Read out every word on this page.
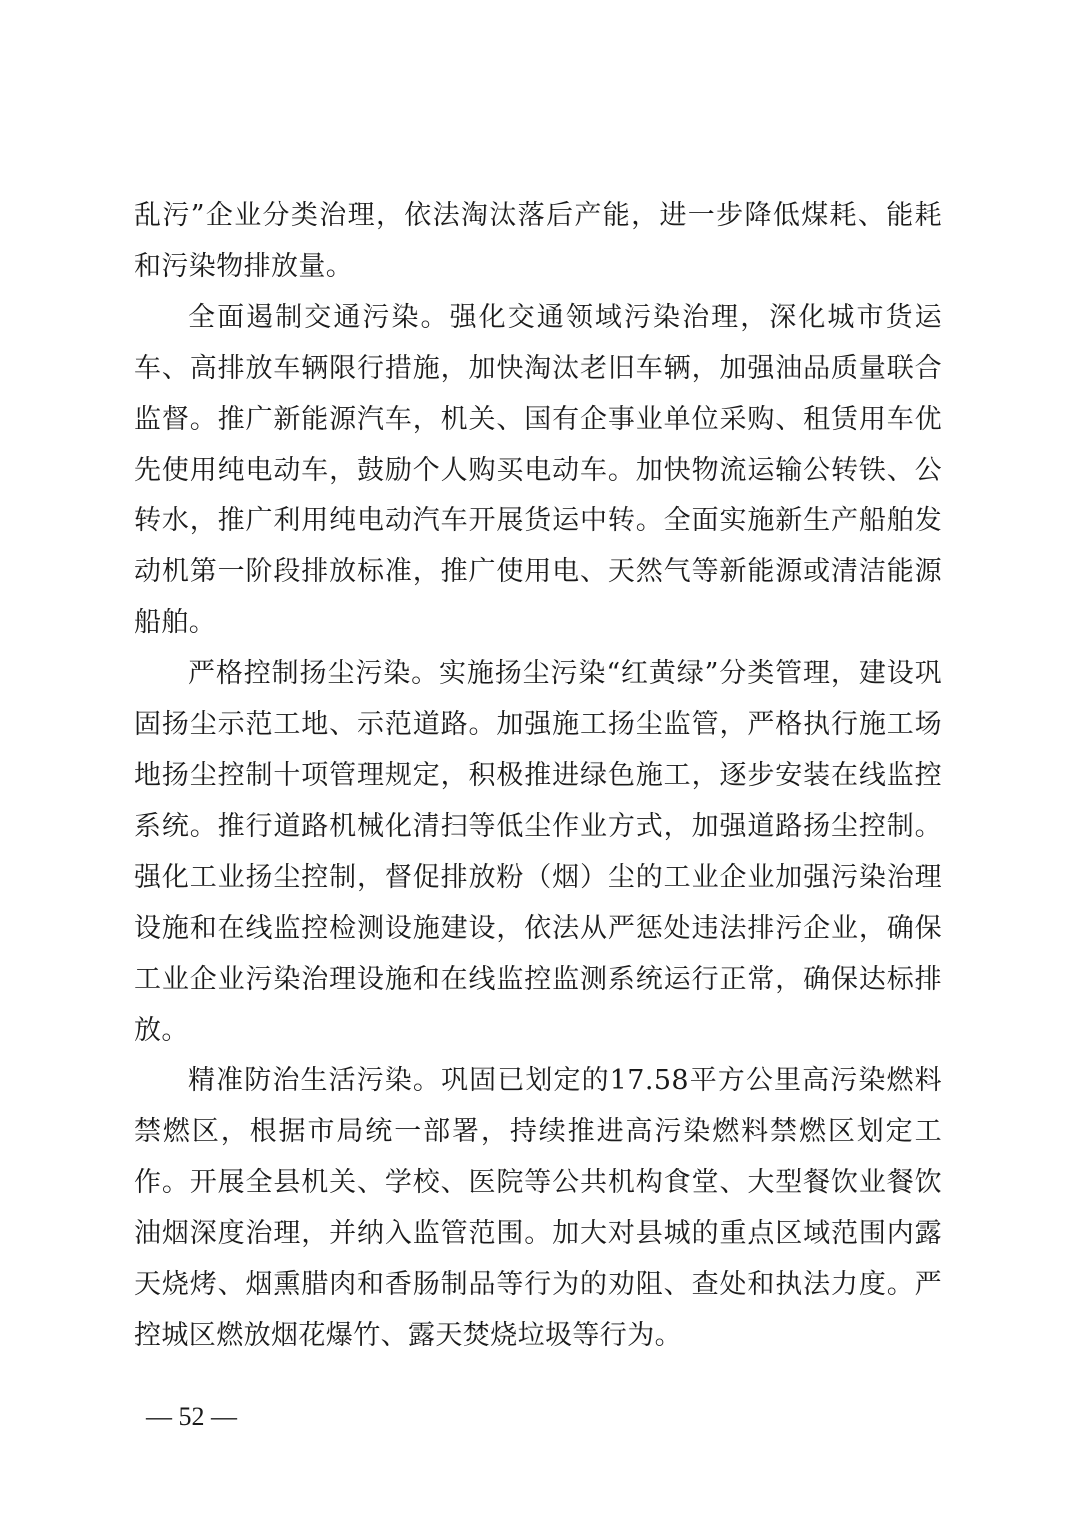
乱污”企业分类治理，依法淘汰落后产能，进一步降低煤耗、能耗和污染物排放量。

全面遏制交通污染。强化交通领域污染治理，深化城市货运车、高排放车辆限行措施，加快淘汰老旧车辆，加强油品质量联合监督。推广新能源汽车，机关、国有企事业单位采购、租赁用车优先使用纯电动车，鼓励个人购买电动车。加快物流运输公转铁、公转水，推广利用纯电动汽车开展货运中转。全面实施新生产船舶发动机第一阶段排放标准，推广使用电、天然气等新能源或清洁能源船舶。

严格控制扬尘污染。实施扬尘污染“红黄绿”分类管理，建设巩固扬尘示范工地、示范道路。加强施工扬尘监管，严格执行施工场地扬尘控制十项管理规定，积极推进绿色施工，逐步安装在线监控系统。推行道路机械化清扫等低尘作业方式，加强道路扬尘控制。强化工业扬尘控制，督促排放粉（烟）尘的工业企业加强污染治理设施和在线监控检测设施建设，依法从严惩处违法排污企业，确保工业企业污染治理设施和在线监控监测系统运行正常，确保达标排放。

精准防治生活污染。巩固已划定的17.58平方公里高污染燃料禁燃区，根据市局统一部署，持续推进高污染燃料禁燃区划定工作。开展全县机关、学校、医院等公共机构食堂、大型餐饮业餐饮油烟深度治理，并纳入监管范围。加大对县城的重点区域范围内露天烧烤、烟熏腊肉和香肠制品等行为的劝阻、查处和执法力度。严控城区燃放烟花爆竹、露天焚烧垃圾等行为。

— 52 —
